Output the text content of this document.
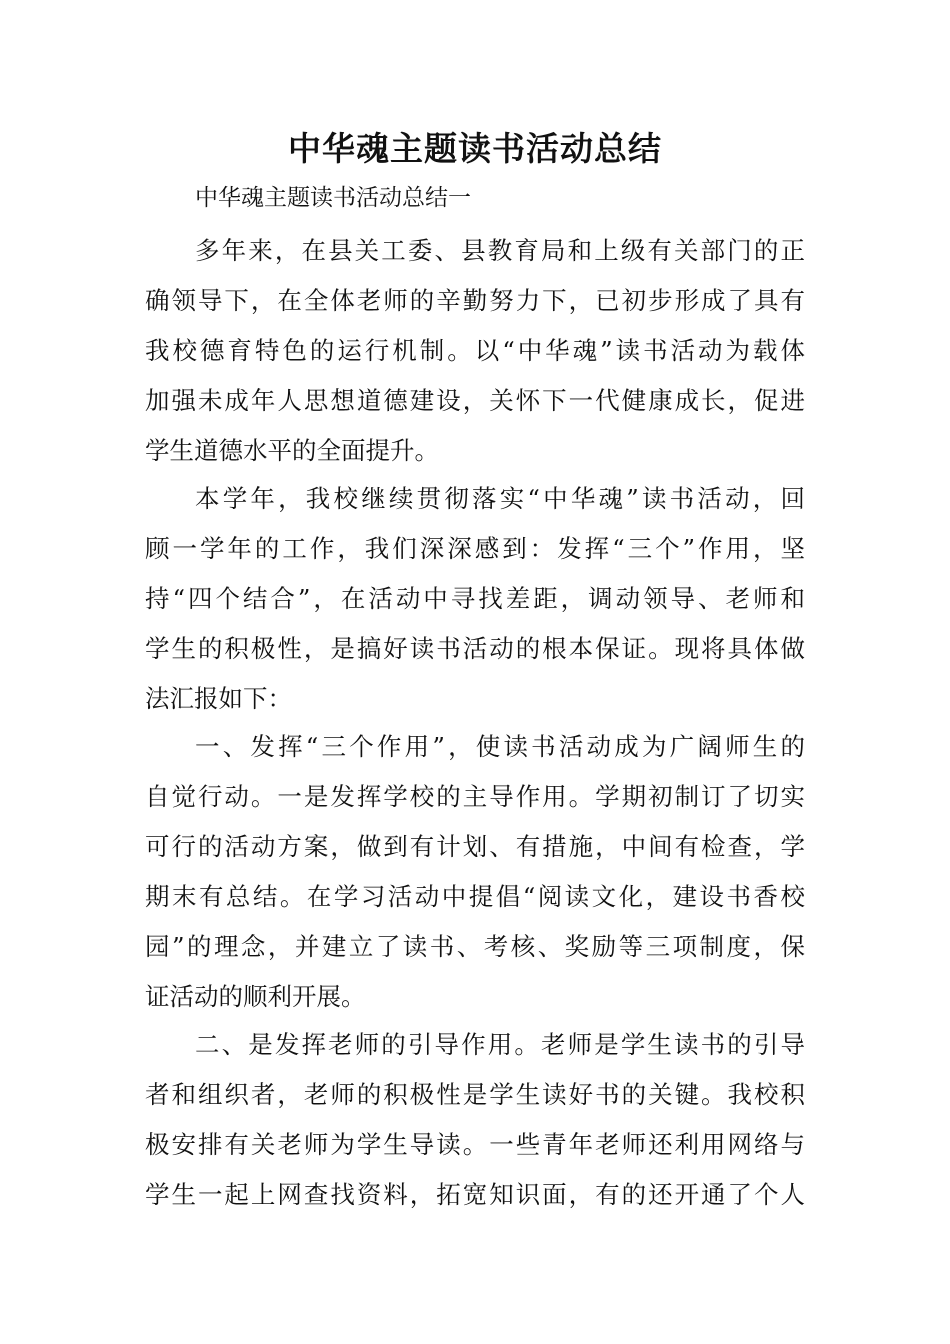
中华魂主题读书活动总结

中华魂主题读书活动总结一

多年来，在县关工委、县教育局和上级有关部门的正
确领导下，在全体老师的辛勤努力下，已初步形成了具有
我校德育特色的运行机制。以“中华魂”读书活动为载体
加强未成年人思想道德建设，关怀下一代健康成长，促进
学生道德水平的全面提升。
本学年，我校继续贯彻落实“中华魂”读书活动，回
顾一学年的工作，我们深深感到：发挥“三个”作用，坚
持“四个结合”，在活动中寻找差距，调动领导、老师和
学生的积极性，是搞好读书活动的根本保证。现将具体做
法汇报如下：
一、发挥“三个作用”，使读书活动成为广阔师生的
自觉行动。一是发挥学校的主导作用。学期初制订了切实
可行的活动方案，做到有计划、有措施，中间有检查，学
期末有总结。在学习活动中提倡“阅读文化，建设书香校
园”的理念，并建立了读书、考核、奖励等三项制度，保
证活动的顺利开展。
二、是发挥老师的引导作用。老师是学生读书的引导
者和组织者，老师的积极性是学生读好书的关键。我校积
极安排有关老师为学生导读。一些青年老师还利用网络与
学生一起上网查找资料，拓宽知识面，有的还开通了个人
